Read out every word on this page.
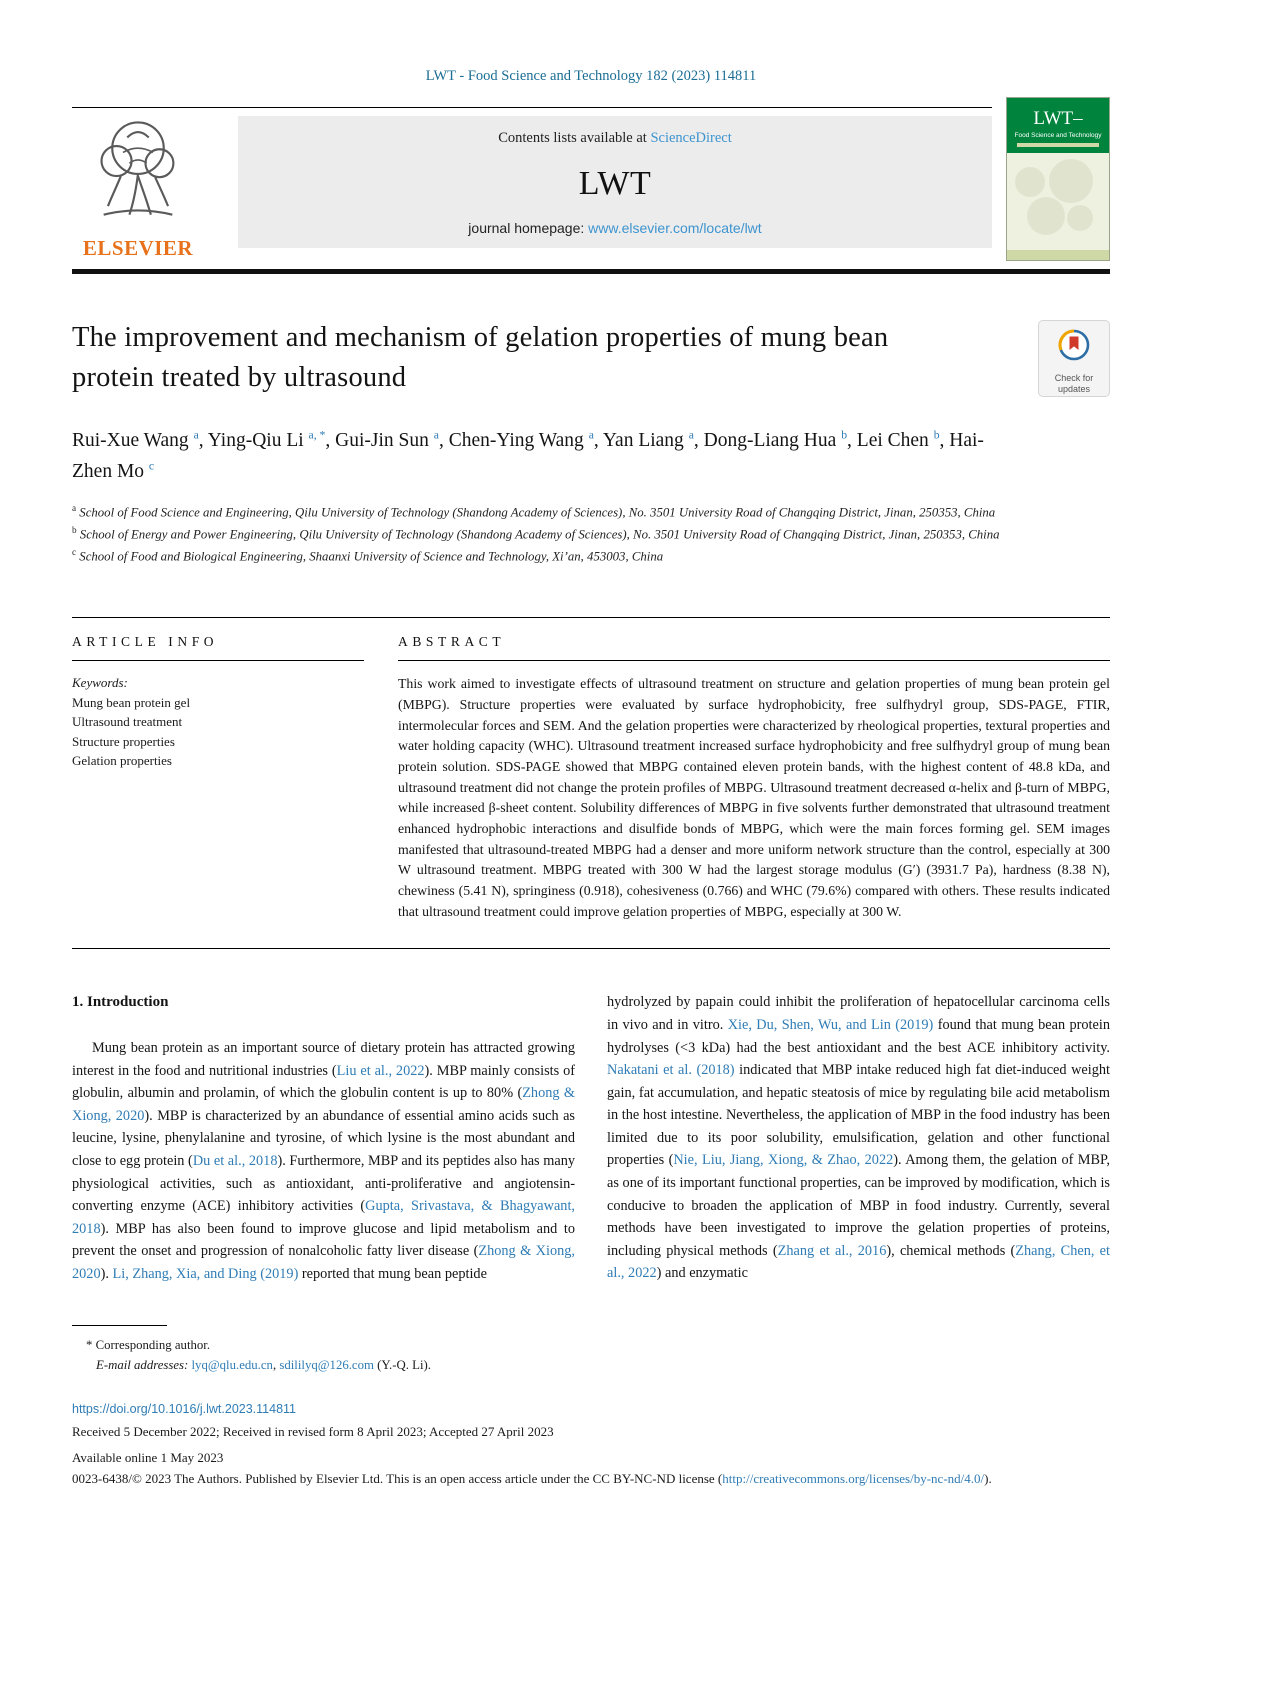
LWT - Food Science and Technology 182 (2023) 114811
ELSEVIER
Contents lists available at ScienceDirect
LWT
journal homepage: www.elsevier.com/locate/lwt
LWT–
Food Science and Technology
The improvement and mechanism of gelation properties of mung bean protein treated by ultrasound	Check for
updates
Rui-Xue Wang $^a$, Ying-Qiu Li $^{a, *}$, Gui-Jin Sun $^a$, Chen-Ying Wang $^a$, Yan Liang $^a$, Dong-Liang Hua $^b$, Lei Chen $^b$, Hai-Zhen Mo $^c$

$^a$ School of Food Science and Engineering, Qilu University of Technology (Shandong Academy of Sciences), No. 3501 University Road of Changqing District, Jinan, 250353, China

$^b$ School of Energy and Power Engineering, Qilu University of Technology (Shandong Academy of Sciences), No. 3501 University Road of Changqing District, Jinan, 250353, China

$^c$ School of Food and Biological Engineering, Shaanxi University of Science and Technology, Xi’an, 453003, China

ARTICLE INFO
Keywords:
Mung bean protein gel
Ultrasound treatment
Structure properties
Gelation properties
ABSTRACT
This work aimed to investigate effects of ultrasound treatment on structure and gelation properties of mung bean protein gel (MBPG). Structure properties were evaluated by surface hydrophobicity, free sulfhydryl group, SDS-PAGE, FTIR, intermolecular forces and SEM. And the gelation properties were characterized by rheological properties, textural properties and water holding capacity (WHC). Ultrasound treatment increased surface hydrophobicity and free sulfhydryl group of mung bean protein solution. SDS-PAGE showed that MBPG contained eleven protein bands, with the highest content of 48.8 kDa, and ultrasound treatment did not change the protein profiles of MBPG. Ultrasound treatment decreased α-helix and β-turn of MBPG, while increased β-sheet content. Solubility differences of MBPG in five solvents further demonstrated that ultrasound treatment enhanced hydrophobic interactions and disulfide bonds of MBPG, which were the main forces forming gel. SEM images manifested that ultrasound-treated MBPG had a denser and more uniform network structure than the control, especially at 300 W ultrasound treatment. MBPG treated with 300 W had the largest storage modulus (G′) (3931.7 Pa), hardness (8.38 N), chewiness (5.41 N), springiness (0.918), cohesiveness (0.766) and WHC (79.6%) compared with others. These results indicated that ultrasound treatment could improve gelation properties of MBPG, especially at 300 W.
1. Introduction
Mung bean protein as an important source of dietary protein has attracted growing interest in the food and nutritional industries (Liu et al., 2022). MBP mainly consists of globulin, albumin and prolamin, of which the globulin content is up to 80% (Zhong & Xiong, 2020). MBP is characterized by an abundance of essential amino acids such as leucine, lysine, phenylalanine and tyrosine, of which lysine is the most abundant and close to egg protein (Du et al., 2018). Furthermore, MBP and its peptides also has many physiological activities, such as antioxidant, anti-proliferative and angiotensin-converting enzyme (ACE) inhibitory activities (Gupta, Srivastava, & Bhagyawant, 2018). MBP has also been found to improve glucose and lipid metabolism and to prevent the onset and progression of nonalcoholic fatty liver disease (Zhong & Xiong, 2020). Li, Zhang, Xia, and Ding (2019) reported that mung bean peptide
hydrolyzed by papain could inhibit the proliferation of hepatocellular carcinoma cells in vivo and in vitro. Xie, Du, Shen, Wu, and Lin (2019) found that mung bean protein hydrolyses (<3 kDa) had the best antioxidant and the best ACE inhibitory activity. Nakatani et al. (2018) indicated that MBP intake reduced high fat diet-induced weight gain, fat accumulation, and hepatic steatosis of mice by regulating bile acid metabolism in the host intestine. Nevertheless, the application of MBP in the food industry has been limited due to its poor solubility, emulsification, gelation and other functional properties (Nie, Liu, Jiang, Xiong, & Zhao, 2022). Among them, the gelation of MBP, as one of its important functional properties, can be improved by modification, which is conducive to broaden the application of MBP in food industry. Currently, several methods have been investigated to improve the gelation properties of proteins, including physical methods (Zhang et al., 2016), chemical methods (Zhang, Chen, et al., 2022) and enzymatic
* Corresponding author.
E-mail addresses: lyq@qlu.edu.cn, sdililyq@126.com (Y.-Q. Li).
https://doi.org/10.1016/j.lwt.2023.114811
Received 5 December 2022; Received in revised form 8 April 2023; Accepted 27 April 2023
Available online 1 May 2023
0023-6438/© 2023 The Authors. Published by Elsevier Ltd. This is an open access article under the CC BY-NC-ND license (http://creativecommons.org/licenses/by-nc-nd/4.0/).
